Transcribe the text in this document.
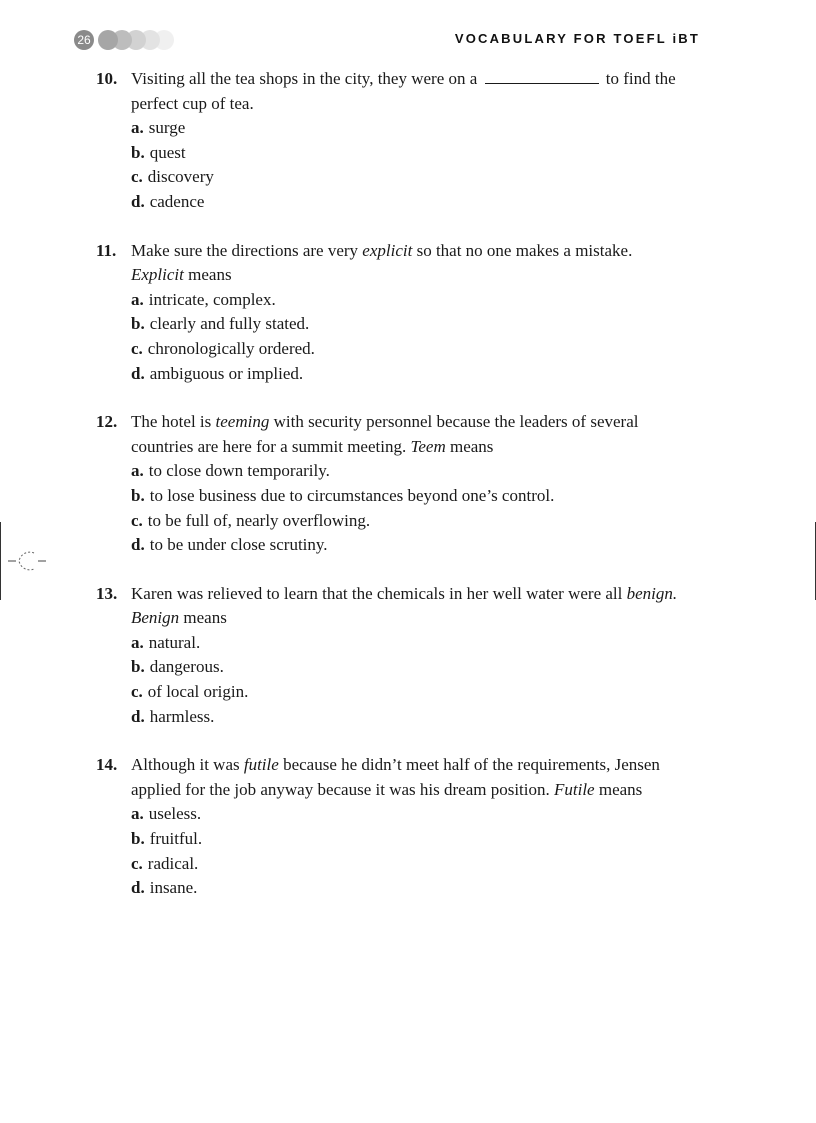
26	VOCABULARY FOR TOEFL iBT
10. Visiting all the tea shops in the city, they were on a	to find the perfect cup of tea.
a. surge
b. quest
c. discovery
d. cadence
11. Make sure the directions are very explicit so that no one makes a mistake.
Explicit means
a. intricate, complex.
b. clearly and fully stated.
c. chronologically ordered.
d. ambiguous or implied.
12. The hotel is teeming with security personnel because the leaders of several countries are here for a summit meeting. Teem means
a. to close down temporarily.
b. to lose business due to circumstances beyond one’s control.
c. to be full of, nearly overflowing.
d. to be under close scrutiny.
13. Karen was relieved to learn that the chemicals in her well water were all benign. Benign means
a. natural.
b. dangerous.
c. of local origin.
d. harmless.
14. Although it was futile because he didn’t meet half of the requirements, Jensen applied for the job anyway because it was his dream position. Futile means
a. useless.
b. fruitful.
c. radical.
d. insane.
